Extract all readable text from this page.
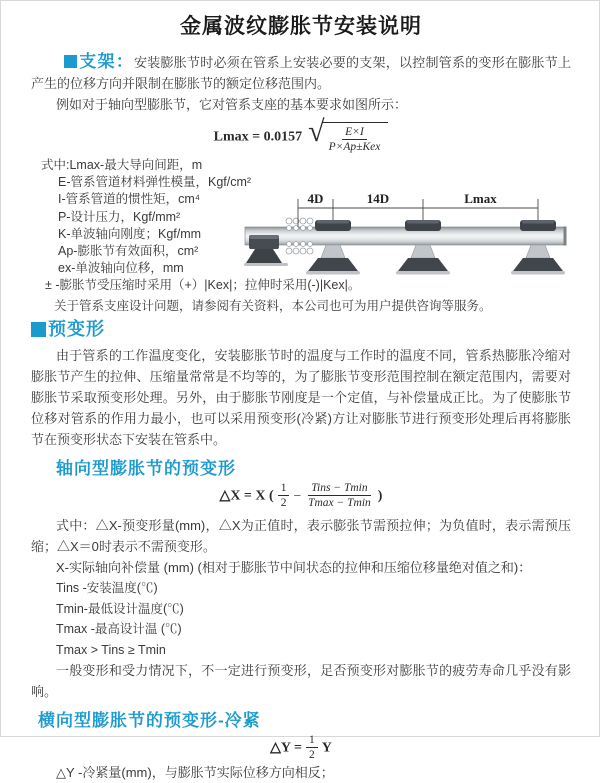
金属波纹膨胀节安装说明

支架：安装膨胀节时必须在管系上安装必要的支架，以控制管系的变形在膨胀节上产生的位移方向并限制在膨胀节的额定位移范围内。

例如对于轴向型膨胀节，它对管系支座的基本要求如图所示：

Lmax = 0.0157 √ $\frac{E\times I}{\text{P×Ap±Kex}}$
式中:Lmax-最大导向间距，m
E-管系管道材料弹性模量，Kgf/cm²
I-管系管道的惯性矩，cm⁴
P-设计压力，Kgf/mm²
K-单波轴向刚度；Kgf/mm
Ap-膨胀节有效面积，cm²
ex-单波轴向位移，mm
± -膨胀节受压缩时采用（+）|Kex|；拉伸时采用(-)|Kex|。
关于管系支座设计问题，请参阅有关资料，本公司也可为用户提供咨询等服务。
4D	14D	Lmax
预变形

由于管系的工作温度变化，安装膨胀节时的温度与工作时的温度不同，管系热膨胀冷缩对膨胀节产生的拉伸、压缩量常常是不均等的，为了膨胀节变形范围控制在额定范围内，需要对膨胀节采取预变形处理。另外，由于膨胀节刚度是一个定值，与补偿量成正比。为了使膨胀节位移对管系的作用力最小，也可以采用预变形(冷紧)方让对膨胀节进行预变形处理后再将膨胀节在预变形状态下安装在管系中。

轴向型膨胀节的预变形
△X = X ( $\frac{1}{2} - \frac{\text{Tins − Tmin}}{Tmax - Tmin}$ )

式中：△X-预变形量(mm)，△X为正值时，表示膨张节需预拉伸；为负值时，表示需预压缩；△X＝0时表示不需预变形。

X-实际轴向补偿量 (mm) (相对于膨胀节中间状态的拉伸和压缩位移量绝对值之和)：

Tins -安装温度(℃)
Tmin-最低设计温度(℃)
Tmax -最高设计温 (℃)
Tmax > Tins ≥ Tmin

一般变形和受力情况下，不一定进行预变形，足否预变形对膨胀节的疲劳寿命几乎没有影响。

横向型膨胀节的预变形-冷紧
△Y = $\frac{1}{2}$ Y
△Y -冷紧量(mm)，与膨胀节实际位移方向相反；
